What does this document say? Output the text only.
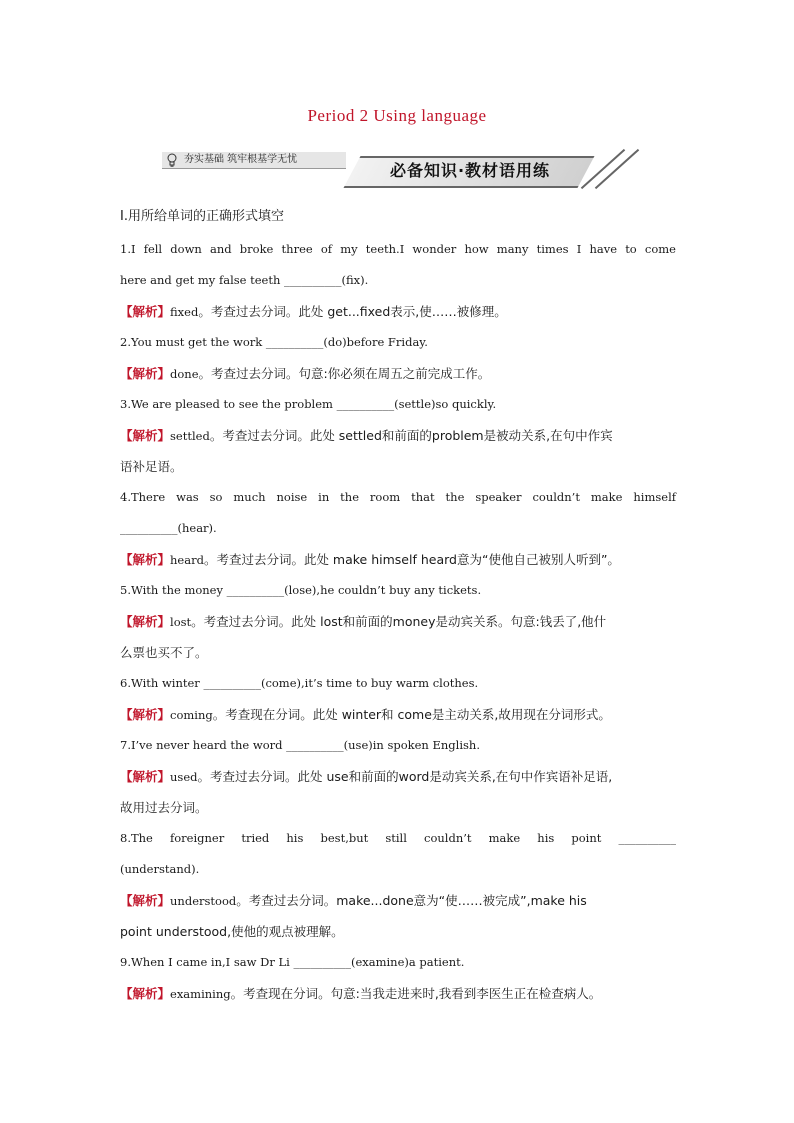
Period 2 Using language
夯实基础 筑牢根基学无忧
必备知识·教材语用练
Ⅰ.用所给单词的正确形式填空
1.I fell down and broke three of my teeth.I wonder how many times I have to come
here and get my false teeth __________(fix).
【解析】fixed。考查过去分词。此处 get...fixed表示,使……被修理。
2.You must get the work __________(do)before Friday.
【解析】done。考查过去分词。句意:你必须在周五之前完成工作。
3.We are pleased to see the problem __________(settle)so quickly.
【解析】settled。考查过去分词。此处 settled和前面的problem是被动关系,在句中作宾
语补足语。
4.There was so much noise in the room that the speaker couldn’t make himself
__________(hear).
【解析】heard。考查过去分词。此处 make himself heard意为“使他自己被别人听到”。
5.With the money __________(lose),he couldn’t buy any tickets.
【解析】lost。考查过去分词。此处 lost和前面的money是动宾关系。句意:钱丢了,他什
么票也买不了。
6.With winter __________(come),it’s time to buy warm clothes.
【解析】coming。考查现在分词。此处 winter和 come是主动关系,故用现在分词形式。
7.I’ve never heard the word __________(use)in spoken English.
【解析】used。考查过去分词。此处 use和前面的word是动宾关系,在句中作宾语补足语,
故用过去分词。
8.The foreigner tried his best,but still couldn’t make his point __________
(understand).
【解析】understood。考查过去分词。make...done意为“使……被完成”,make his
point understood,使他的观点被理解。
9.When I came in,I saw Dr Li __________(examine)a patient.
【解析】examining。考查现在分词。句意:当我走进来时,我看到李医生正在检查病人。
